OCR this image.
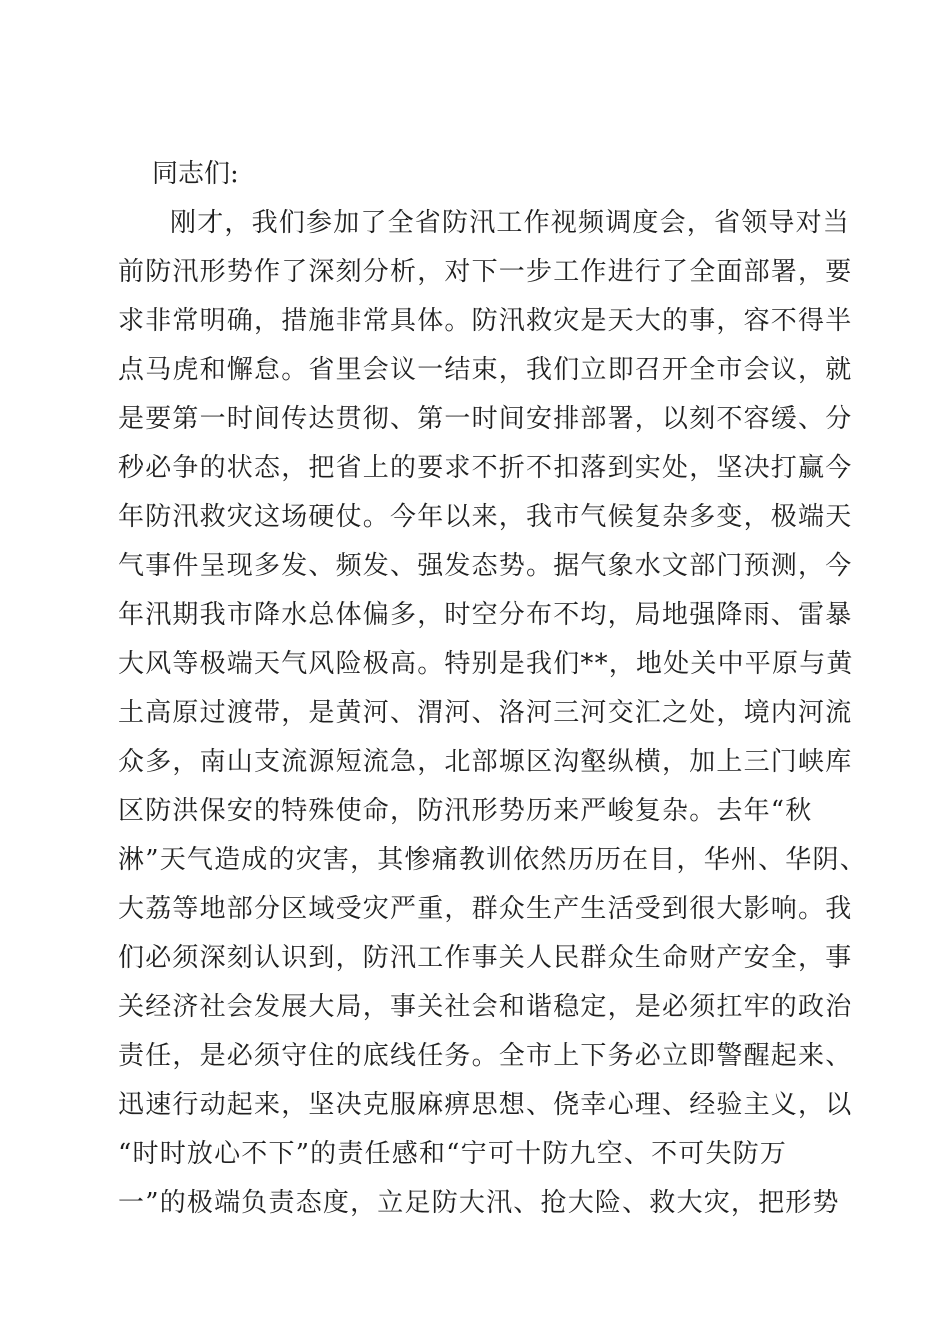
同志们:

刚才，我们参加了全省防汛工作视频调度会，省领导对当

前防汛形势作了深刻分析，对下一步工作进行了全面部署，要

求非常明确，措施非常具体。防汛救灾是天大的事，容不得半

点马虎和懈怠。省里会议一结束，我们立即召开全市会议，就

是要第一时间传达贯彻、第一时间安排部署，以刻不容缓、分

秒必争的状态，把省上的要求不折不扣落到实处，坚决打赢今

年防汛救灾这场硬仗。今年以来，我市气候复杂多变，极端天

气事件呈现多发、频发、强发态势。据气象水文部门预测，今

年汛期我市降水总体偏多，时空分布不均，局地强降雨、雷暴

大风等极端天气风险极高。特别是我们**，地处关中平原与黄

土高原过渡带，是黄河、渭河、洛河三河交汇之处，境内河流

众多，南山支流源短流急，北部塬区沟壑纵横，加上三门峡库

区防洪保安的特殊使命，防汛形势历来严峻复杂。去年“秋

淋”天气造成的灾害，其惨痛教训依然历历在目，华州、华阴、

大荔等地部分区域受灾严重，群众生产生活受到很大影响。我

们必须深刻认识到，防汛工作事关人民群众生命财产安全，事

关经济社会发展大局，事关社会和谐稳定，是必须扛牢的政治

责任，是必须守住的底线任务。全市上下务必立即警醒起来、

迅速行动起来，坚决克服麻痹思想、侥幸心理、经验主义，以

“时时放心不下”的责任感和“宁可十防九空、不可失防万

一”的极端负责态度，立足防大汛、抢大险、救大灾，把形势
